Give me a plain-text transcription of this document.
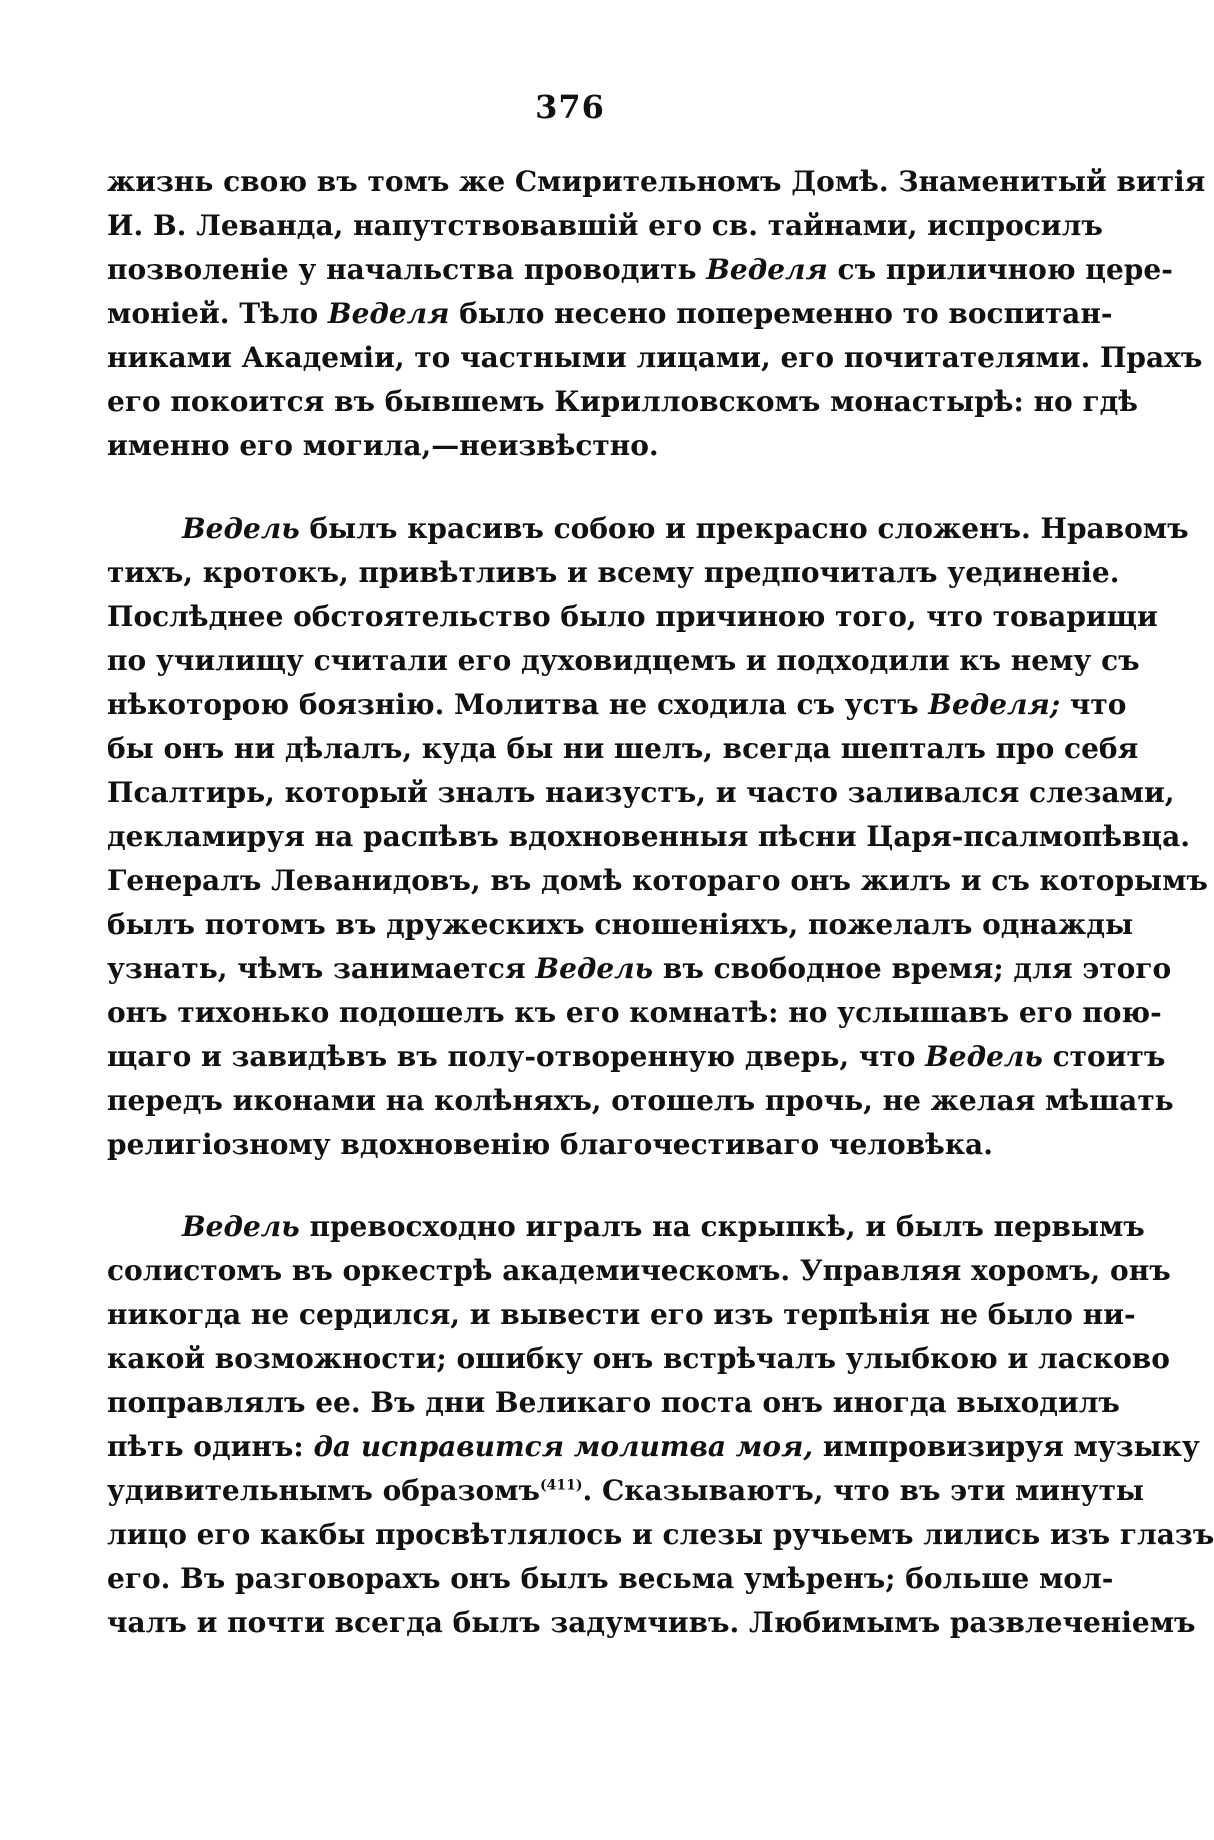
376
жизнь свою въ томъ же Смирительномъ Домѣ. Знаменитый витія
И. В. Леванда, напутствовавшій его св. тайнами, испросилъ
позволеніе у начальства проводить Веделя съ приличною цере-
моніей. Тѣло Веделя было несено попеременно то воспитан-
никами Академіи, то частными лицами, его почитателями. Прахъ
его покоится въ бывшемъ Кирилловскомъ монастырѣ: но гдѣ
именно его могила,—неизвѣстно.
Ведель былъ красивъ собою и прекрасно сложенъ. Нравомъ
тихъ, кротокъ, привѣтливъ и всему предпочиталъ уединеніе.
Послѣднее обстоятельство было причиною того, что товарищи
по училищу считали его духовидцемъ и подходили къ нему съ
нѣкоторою боязнію. Молитва не сходила съ устъ Веделя; что
бы онъ ни дѣлалъ, куда бы ни шелъ, всегда шепталъ про себя
Псалтирь, который зналъ наизустъ, и часто заливался слезами,
декламируя на распѣвъ вдохновенныя пѣсни Царя-псалмопѣвца.
Генералъ Леванидовъ, въ домѣ котораго онъ жилъ и съ которымъ
былъ потомъ въ дружескихъ сношеніяхъ, пожелалъ однажды
узнать, чѣмъ занимается Ведель въ свободное время; для этого
онъ тихонько подошелъ къ его комнатѣ: но услышавъ его пою-
щаго и завидѣвъ въ полу-отворенную дверь, что Ведель стоитъ
передъ иконами на колѣняхъ, отошелъ прочь, не желая мѣшать
религіозному вдохновенію благочестиваго человѣка.
Ведель превосходно игралъ на скрыпкѣ, и былъ первымъ
солистомъ въ оркестрѣ академическомъ. Управляя хоромъ, онъ
никогда не сердился, и вывести его изъ терпѣнія не было ни-
какой возможности; ошибку онъ встрѣчалъ улыбкою и ласково
поправлялъ ее. Въ дни Великаго поста онъ иногда выходилъ
пѣть одинъ: да исправится молитва моя, импровизируя музыку
удивительнымъ образомъ$^{(411)}$. Сказываютъ, что въ эти минуты
лицо его какбы просвѣтлялось и слезы ручьемъ лились изъ глазъ
его. Въ разговорахъ онъ былъ весьма умѣренъ; больше мол-
чалъ и почти всегда былъ задумчивъ. Любимымъ развлеченіемъ
